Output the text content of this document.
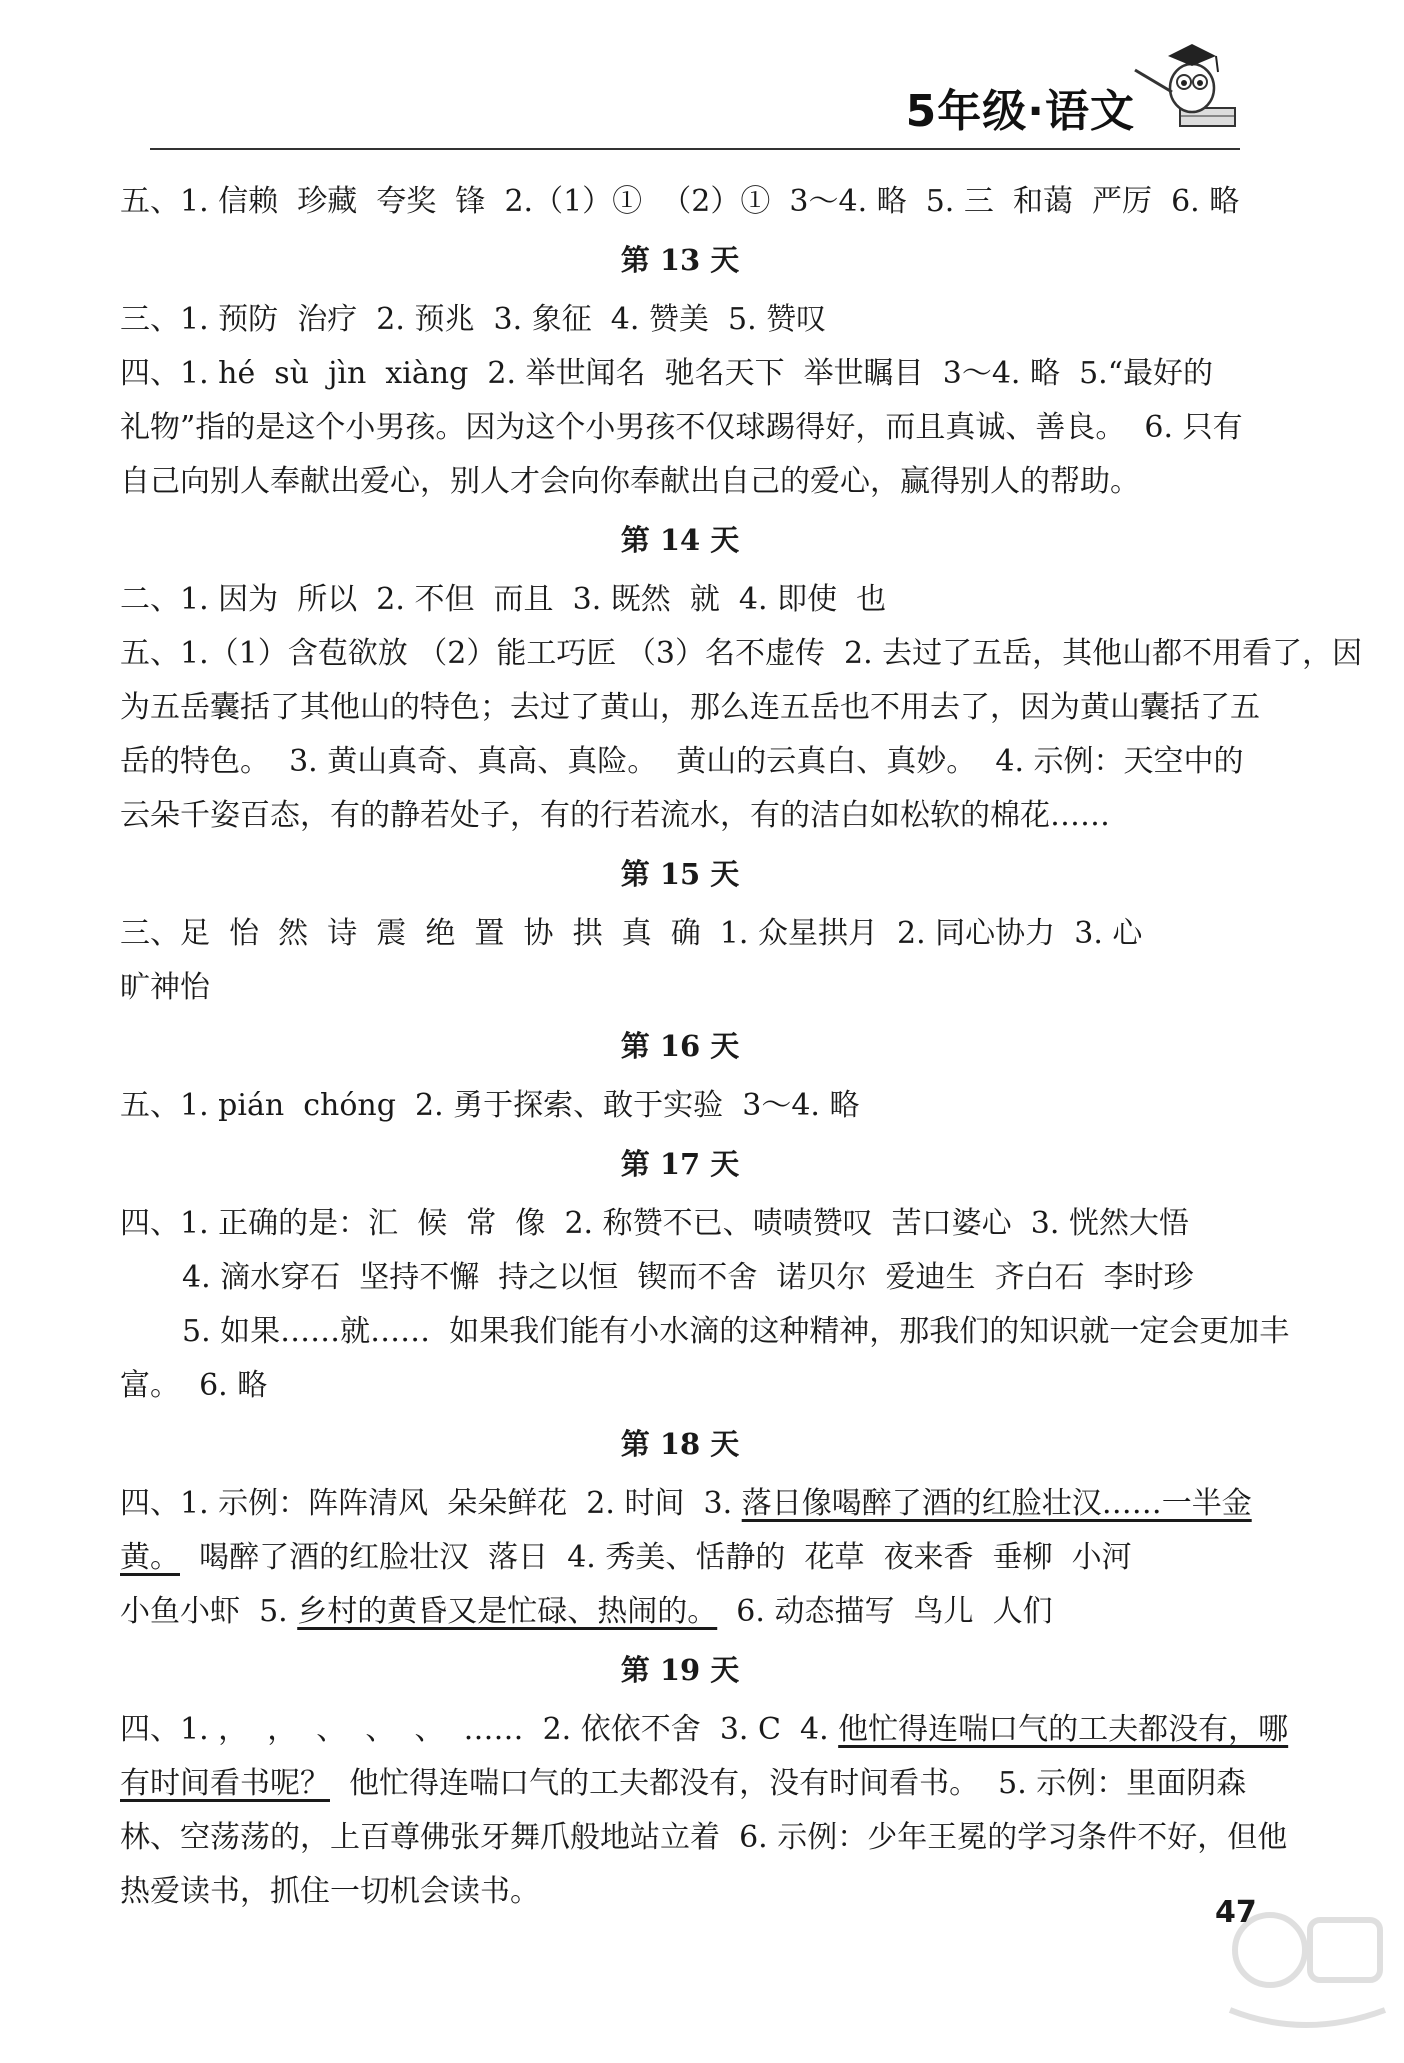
5年级·语文

五、1. 信赖  珍藏  夸奖  锋  2.（1）①  （2）①  3～4. 略  5. 三  和蔼  严厉  6. 略

第 13 天

三、1. 预防  治疗  2. 预兆  3. 象征  4. 赞美  5. 赞叹

四、1. hé  sù  jìn  xiàng  2. 举世闻名  驰名天下  举世瞩目  3～4. 略  5.“最好的

礼物”指的是这个小男孩。因为这个小男孩不仅球踢得好，而且真诚、善良。  6. 只有

自己向别人奉献出爱心，别人才会向你奉献出自己的爱心，赢得别人的帮助。

第 14 天

二、1. 因为  所以  2. 不但  而且  3. 既然  就  4. 即使  也

五、1.（1）含苞欲放 （2）能工巧匠 （3）名不虚传  2. 去过了五岳，其他山都不用看了，因

为五岳囊括了其他山的特色；去过了黄山，那么连五岳也不用去了，因为黄山囊括了五

岳的特色。  3. 黄山真奇、真高、真险。  黄山的云真白、真妙。  4. 示例：天空中的

云朵千姿百态，有的静若处子，有的行若流水，有的洁白如松软的棉花……

第 15 天

三、足  怡  然  诗  震  绝  置  协  拱  真  确  1. 众星拱月  2. 同心协力  3. 心

旷神怡

第 16 天

五、1. pián  chóng  2. 勇于探索、敢于实验  3～4. 略

第 17 天

四、1. 正确的是：汇  候  常  像  2. 称赞不已、啧啧赞叹  苦口婆心  3. 恍然大悟

4. 滴水穿石  坚持不懈  持之以恒  锲而不舍  诺贝尔  爱迪生  齐白石  李时珍

5. 如果……就……  如果我们能有小水滴的这种精神，那我们的知识就一定会更加丰

富。  6. 略

第 18 天

四、1. 示例：阵阵清风  朵朵鲜花  2. 时间  3. 落日像喝醉了酒的红脸壮汉……一半金

黄。  喝醉了酒的红脸壮汉  落日  4. 秀美、恬静的  花草  夜来香  垂柳  小河

小鱼小虾  5. 乡村的黄昏又是忙碌、热闹的。  6. 动态描写  鸟儿  人们

第 19 天

四、1. ，  ，  、  、  、  ……  2. 依依不舍  3. C  4. 他忙得连喘口气的工夫都没有，哪

有时间看书呢？  他忙得连喘口气的工夫都没有，没有时间看书。  5. 示例：里面阴森

林、空荡荡的，上百尊佛张牙舞爪般地站立着  6. 示例：少年王冕的学习条件不好，但他

热爱读书，抓住一切机会读书。

47
